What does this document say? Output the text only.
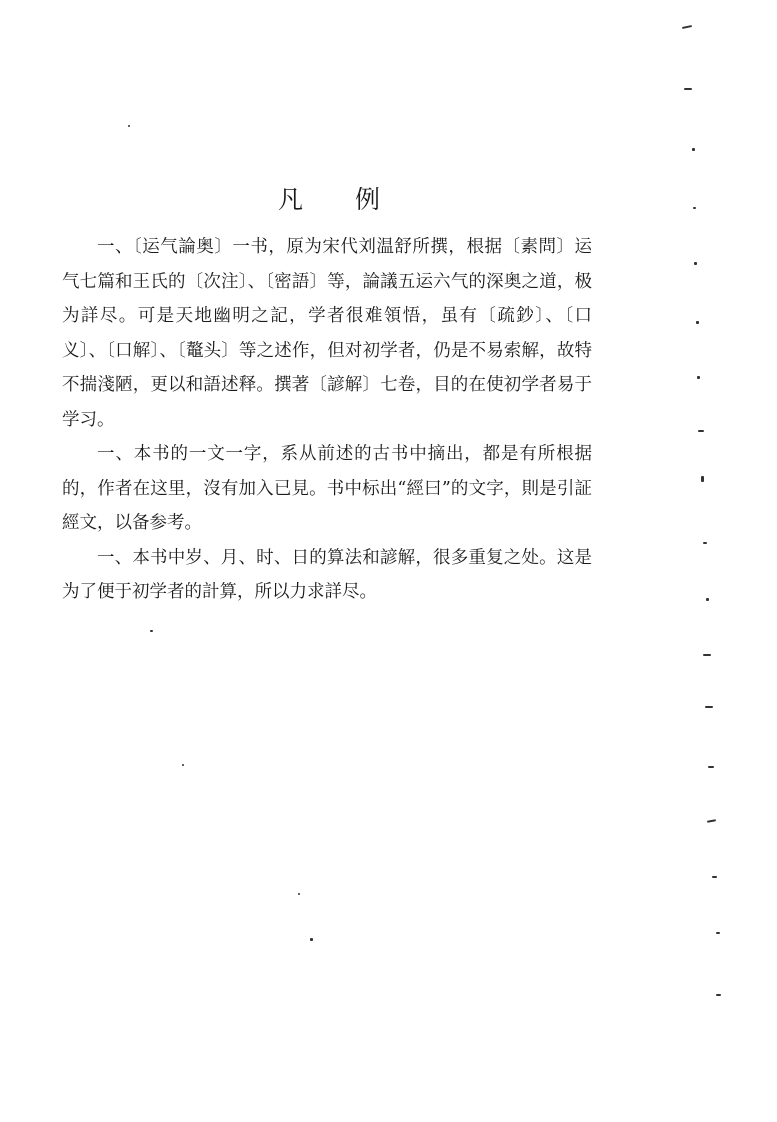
凡 例

一、〔运气論奥〕一书，原为宋代刘温舒所撰，根据〔素問〕运气七篇和王氏的〔次注〕、〔密語〕等，論議五运六气的深奥之道，极为詳尽。可是天地幽明之記，学者很难領悟，虽有〔疏鈔〕、〔口义〕、〔口解〕、〔鼇头〕等之述作，但对初学者，仍是不易索解，故特不揣淺陋，更以和語述释。撰著〔諺解〕七卷，目的在使初学者易于学习。

一、本书的一文一字，系从前述的古书中摘出，都是有所根据的，作者在这里，沒有加入已見。书中标出“經曰”的文字，則是引証經文，以备参考。

一、本书中岁、月、时、日的算法和諺解，很多重复之处。这是为了便于初学者的計算，所以力求詳尽。
